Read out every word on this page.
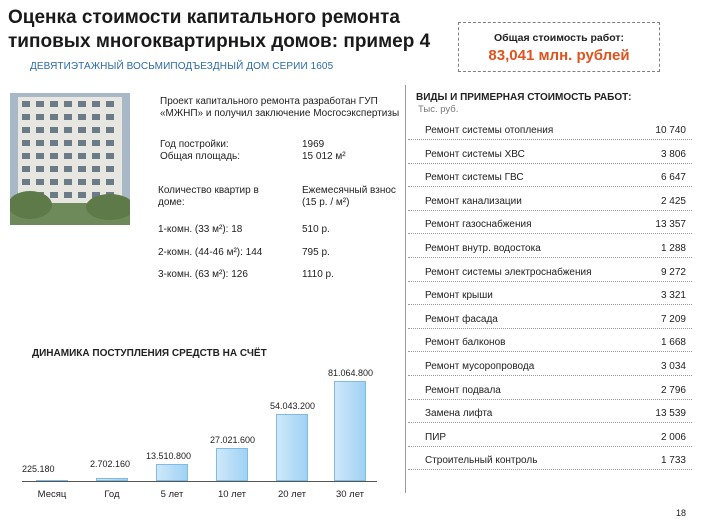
Оценка стоимости капитального ремонта типовых многоквартирных домов: пример 4
ДЕВЯТИЭТАЖНЫЙ ВОСЬМИПОДЪЕЗДНЫЙ ДОМ СЕРИИ 1605
Общая стоимость работ:
83,041 млн. рублей
Проект капитального ремонта разработан ГУП «МЖНП» и получил заключение Мосгосэкспертизы
Год постройки:	1969
Общая площадь:	15 012 м²
Количество квартир в доме:
Ежемесячный взнос (15 р. / м²)
1-комн. (33 м²): 18	510 р.
2-комн. (44-46 м²): 144	795 р.
3-комн. (63 м²): 126	1110 р.
ВИДЫ И ПРИМЕРНАЯ СТОИМОСТЬ РАБОТ:
Тыс. руб.
Ремонт системы отопления	10 740
Ремонт системы ХВС	3 806
Ремонт системы ГВС	6 647
Ремонт канализации	2 425
Ремонт газоснабжения	13 357
Ремонт внутр. водостока	1 288
Ремонт системы электроснабжения	9 272
Ремонт крыши	3 321
Ремонт фасада	7 209
Ремонт балконов	1 668
Ремонт мусоропровода	3 034
Ремонт подвала	2 796
Замена лифта	13 539
ПИР	2 006
Строительный контроль	1 733
ДИНАМИКА ПОСТУПЛЕНИЯ СРЕДСТВ НА СЧЁТ
225.180
Месяц
2.702.160
Год
13.510.800
5 лет
27.021.600
10 лет
54.043.200
20 лет
81.064.800
30 лет
18
